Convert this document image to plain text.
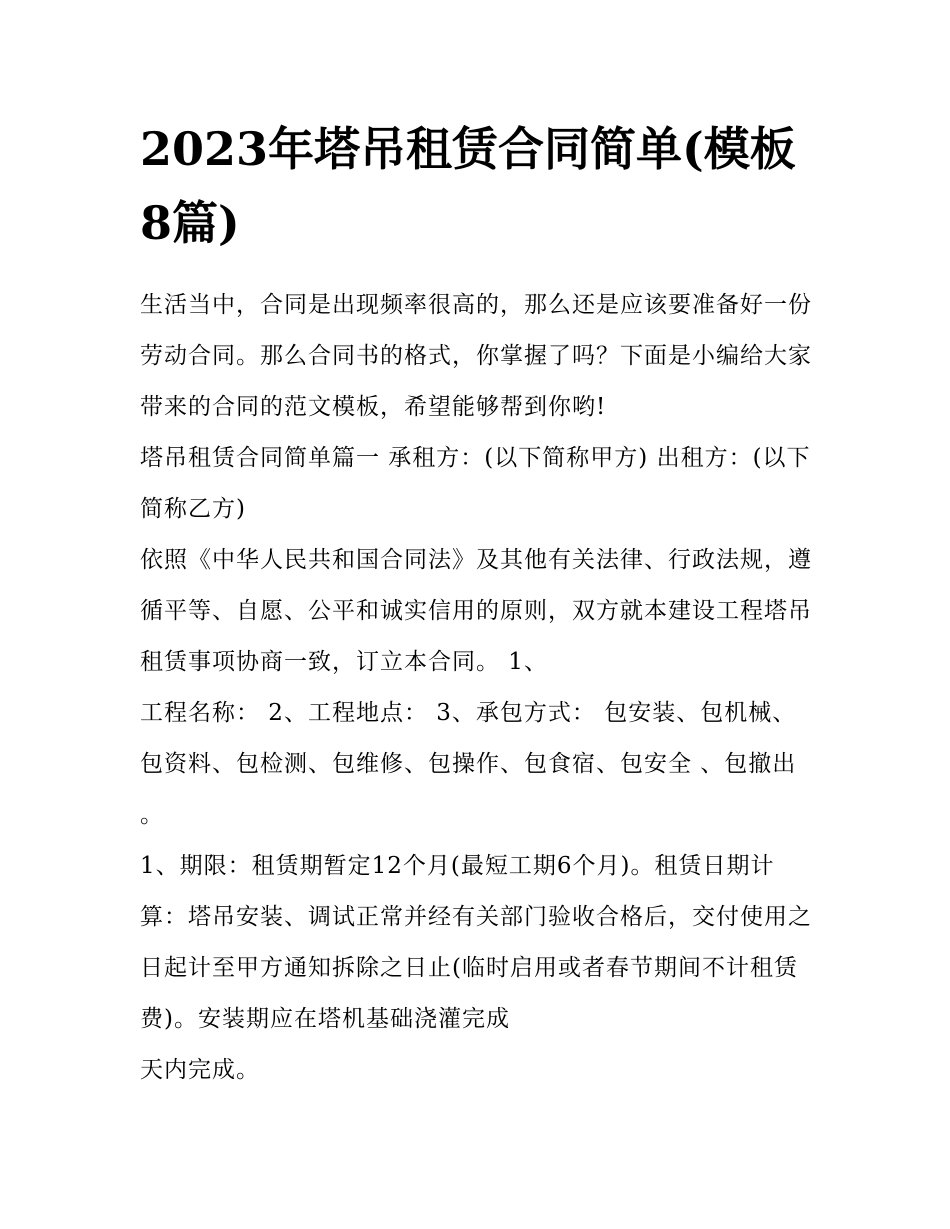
2023年塔吊租赁合同简单(模板8篇)

生活当中，合同是出现频率很高的，那么还是应该要准备好一份劳动合同。那么合同书的格式，你掌握了吗？下面是小编给大家带来的合同的范文模板，希望能够帮到你哟!

塔吊租赁合同简单篇一 承租方：(以下简称甲方) 出租方：(以下简称乙方)

依照《中华人民共和国合同法》及其他有关法律、行政法规，遵循平等、自愿、公平和诚实信用的原则，双方就本建设工程塔吊租赁事项协商一致，订立本合同。 1、

工程名称： 2、工程地点： 3、承包方式： 包安装、包机械、包资料、包检测、包维修、包操作、包食宿、包安全 、包撤出 。

1、期限：租赁期暂定12个月(最短工期6个月)。租赁日期计算：塔吊安装、调试正常并经有关部门验收合格后，交付使用之日起计至甲方通知拆除之日止(临时启用或者春节期间不计租赁费)。安装期应在塔机基础浇灌完成

天内完成。
